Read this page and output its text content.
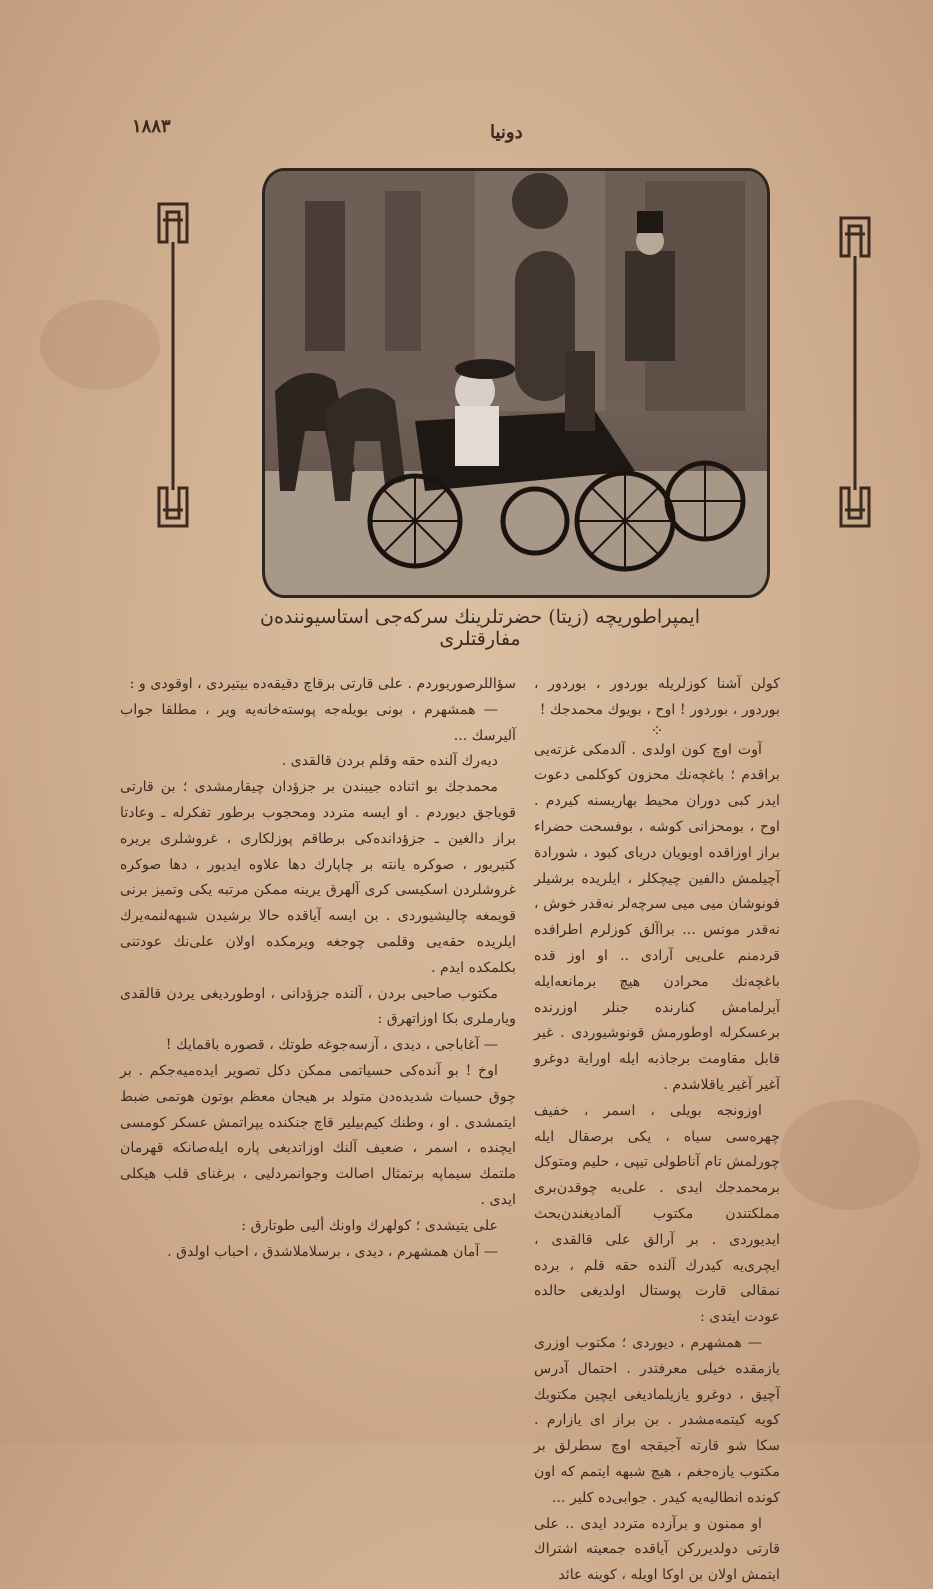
١٨٨٣	دونيا
ايمپراطوريچه (زيتا) حضرتلرينك سركه‌جى استاسيوننده‌ن مفارقتلرى

كولن آشنا كوزلريله بوردور ، بوردور ، بوردور ، بوردور ! اوح ، بويوك محمدجك !

⁘

آوت اوچ كون اولدى . آلدمكى غزته‌يى براقدم ؛ باغچه‌نك محزون كوكلمى دعوت ايدر كبى دوران محيط بهاريسنه كيردم . اوح ، بومحزانى كوشه ، بوفسحت حضراء براز اوزاقده اويويان دريای كبود ، شورادة آچيلمش دالفين چيچكلر ، ايلريده برشيلر فونوشان ميى ميى سرچه‌لر نه‌قدر خوش ، نه‌قدر مونس ... براآلق كوزلرم اطرافده قردمنم على‌يى آرادى .. او اوز قده باغچه‌نك محرادن هيچ برمانعه‌ايله آيرلمامش كنارنده جنلر اوزرنده برعسكرله اوطورمش قونوشيوردى . غير قابل مقاومت برجاذبه ايله اوراية دوغرو آغير آغير ياقلاشدم .

اوزونجه بويلى ، اسمر ، خفيف چهره‌سى سياه ، يكى برصقال ايله چورلمش تام آناطولى تيپى ، حليم ومتوكل برمحمدجك ايدى . على‌يه چوقدن‌برى مملكتندن مكتوب آلمادیغندن‌بحث ايديوردى . بر آرالق على قالقدى ، ايچرى‌يه كيدرك آلنده حقه قلم ، برده نمقالى قارت پوستال اولديغى حالده عودت ايتدى :

— همشهرم ، ديوردى ؛ مكتوب اوزرى يازمقده خيلى معرفتدر . احتمال آدرس آچيق ، دوغرو يازيلمادیغى ايچين مكتوبك كويه كيتمه‌مشدر . بن براز اى يازارم . سكا شو قارته آجيقجه اوچ سطرلق بر مكتوب يازه‌جغم ، هيچ شبهه ايتمم كه اون كونده انطاليه‌يه كيدر . جوابى‌ده كلير ...

او ممنون و برآزده متردد ايدى .. على قارتى دولديرركن آياقده جمعيته اشتراك ايتمش اولان بن اوكا اويله ، كوينه عائد

سؤاللرصوريوردم . على قارتى برقاچ دقيقه‌ده بيتيردى ، اوقودى و :

— همشهرم ، بونى بويله‌جه پوسته‌خانه‌يه وير ، مطلقا جواب آليرسك ...

ديه‌رك آلنده حقه وقلم بردن قالقدى .

محمدجك بو اثناده جيبندن بر جزؤدان چيقارمشدى ؛ بن قارتى قوياجق ديوردم . او ايسه متردد ومحجوب برطور تفكرله ـ وعادتا براز دالغين ـ جزؤدانده‌كى برطاقم پوزلكارى ، غروشلرى بريره كتيريور ، صوكره يانته بر چاپارك دها علاوه ايديور ، دها صوكره غروشلردن اسكيسى كرى آلهرق يرينه ممكن مرتبه يكى وتميز برنى قويمغه چاليشيوردى . بن ايسه آياقده حالا برشيدن شبهه‌لنمه‌يرك ايلريده حقه‌يى وقلمى چوجغه ويرمكده اولان على‌نك عودتنى بكلمكده ايدم .

مكتوب صاحبى بردن ، آلنده جزؤدانى ، اوطورديغى يردن قالقدى ويارملرى بكا اوزاتهرق :

— آغاباجى ، ديدى ، آزسه‌جوغه طوتك ، قصوره باقمايك !

اوخ ! بو آنده‌كى حسياتمى ممكن دكل تصوير ايده‌ميه‌جكم . بر چوق حسيات شديده‌دن متولد بر هيجان معظم بوتون هوتمى ضبط ايتمشدى . او ، وطنك كيم‌بيلير قاچ جنكنده يپراتمش عسكر كومسى ايچنده ، اسمر ، ضعيف آلنك اوزاتديغى پاره ايله‌صانكه قهرمان ملتمك سيماپه برتمثال اصالت وجوانمردلیى ، برغناى قلب هيكلى ايدى .

على يتيشدى ؛ كولهرك واونك أليى طوتارق :

— آمان همشهرم ، ديدى ، برسلاملاشدق ، احباب اولدق .
